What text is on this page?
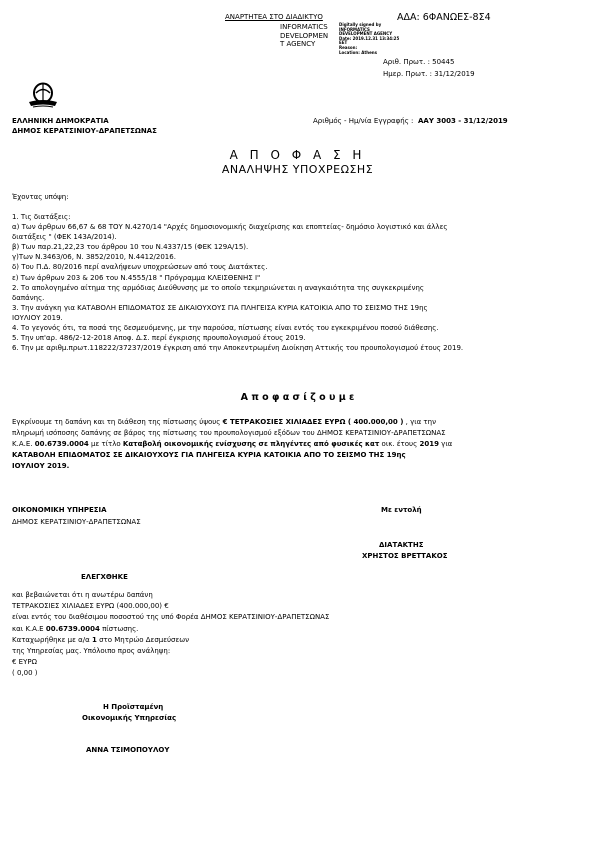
ΑΝΑΡΤΗΤΕΑ ΣΤΟ ΔΙΑΔΙΚΤΥΟ	ΑΔΑ: 6ΦΑΝΩΕΣ-8Σ4
INFORMATICS
DEVELOPMEN
T AGENCY
Digitally signed by
INFORMATICS
DEVELOPMENT AGENCY
Date: 2019.12.31 13:34:25
EET
Reason:
Location: Athens
Αριθ. Πρωτ. : 50445
Ημερ. Πρωτ. : 31/12/2019
ΕΛΛΗΝΙΚΗ ΔΗΜΟΚΡΑΤΙΑ
ΔΗΜΟΣ ΚΕΡΑΤΣΙΝΙΟΥ-ΔΡΑΠΕΤΣΩΝΑΣ
Αριθμός - Ημ/νία Εγγραφής : ΑΑΥ 3003 - 31/12/2019
Α Π Ο Φ Α Σ Η
ΑΝΑΛΗΨΗΣ ΥΠΟΧΡΕΩΣΗΣ
Έχοντας υπόψη:
1. Τις διατάξεις:
α) Των άρθρων 66,67 & 68 ΤΟΥ Ν.4270/14 "Αρχές δημοσιονομικής διαχείρισης και εποπτείας- δημόσιο λογιστικό και άλλες
διατάξεις " (ΦΕΚ 143Α/2014).
β) Των παρ.21,22,23 του άρθρου 10 του Ν.4337/15 (ΦΕΚ 129Α/15).
γ)Των Ν.3463/06, Ν. 3852/2010, Ν.4412/2016.
δ) Του Π.Δ. 80/2016 περί αναλήψεων υποχρεώσεων από τους Διατάκτες.
ε) Των άρθρων 203 & 206 του Ν.4555/18 " Πρόγραμμα ΚΛΕΙΣΘΕΝΗΣ Ι"
2. Το απολογημένο αίτημα της αρμόδιας Διεύθυνσης με το οποίο τεκμηριώνεται η αναγκαιότητα της συγκεκριμένης
δαπάνης.
3. Την ανάγκη για ΚΑΤΑΒΟΛΗ ΕΠΙΔΟΜΑΤΟΣ ΣΕ ΔΙΚΑΙΟΥΧΟΥΣ ΓΙΑ ΠΛΗΓΕΙΣΑ ΚΥΡΙΑ ΚΑΤΟΙΚΙΑ ΑΠΟ ΤΟ ΣΕΙΣΜΟ ΤΗΣ 19ης
ΙΟΥΛΙΟΥ 2019.
4. Το γεγονός ότι, τα ποσά της δεσμευόμενης, με την παρούσα, πίστωσης είναι εντός του εγκεκριμένου ποσού διάθεσης.
5. Την υπ'αρ. 486/2-12-2018 Αποφ. Δ.Σ. περί έγκρισης προυπολογισμού έτους 2019.
6. Την με αριθμ.πρωτ.118222/37237/2019 έγκριση από την Αποκεντρωμένη Διοίκηση Αττικής του προυπολογισμού έτους 2019.
Α π ο φ α σ ί ζ ο υ μ ε
Εγκρίνουμε τη δαπάνη και τη διάθεση της πίστωσης ύψους € ΤΕΤΡΑΚΟΣΙΕΣ ΧΙΛΙΑΔΕΣ ΕΥΡΩ ( 400.000,00 ) , για την
πληρωμή ισόποσης δαπάνης σε βάρος της πίστωσης του προυπολογισμού εξόδων του ΔΗΜΟΣ ΚΕΡΑΤΣΙΝΙΟΥ-ΔΡΑΠΕΤΣΩΝΑΣ
Κ.Α.Ε. 00.6739.0004 με τίτλο Καταβολή οικονομικής ενίσχυσης σε πληγέντες από φυσικές κατ οικ. έτους 2019 για
ΚΑΤΑΒΟΛΗ ΕΠΙΔΟΜΑΤΟΣ ΣΕ ΔΙΚΑΙΟΥΧΟΥΣ ΓΙΑ ΠΛΗΓΕΙΣΑ ΚΥΡΙΑ ΚΑΤΟΙΚΙΑ ΑΠΟ ΤΟ ΣΕΙΣΜΟ ΤΗΣ 19ης
ΙΟΥΛΙΟΥ 2019.
ΟΙΚΟΝΟΜΙΚΗ ΥΠΗΡΕΣΙΑ
ΔΗΜΟΣ ΚΕΡΑΤΣΙΝΙΟΥ-ΔΡΑΠΕΤΣΩΝΑΣ
Με εντολή
ΔΙΑΤΑΚΤΗΣ
ΧΡΗΣΤΟΣ ΒΡΕΤΤΑΚΟΣ
ΕΛΕΓΧΘΗΚΕ
και βεβαιώνεται ότι η ανωτέρω δαπάνη
ΤΕΤΡΑΚΟΣΙΕΣ ΧΙΛΙΑΔΕΣ ΕΥΡΩ (400.000,00) €
είναι εντός του διαθέσιμου ποσοστού της υπό Φορέα ΔΗΜΟΣ ΚΕΡΑΤΣΙΝΙΟΥ-ΔΡΑΠΕΤΣΩΝΑΣ
και Κ.Α.Ε 00.6739.0004 πίστωσης.
Καταχωρήθηκε με α/α 1 στο Μητρώο Δεσμεύσεων
της Υπηρεσίας μας. Υπόλοιπο προς ανάληψη:
€ ΕΥΡΩ
( 0,00 )
Η Προϊσταμένη
Οικονομικής Υπηρεσίας
ΑΝΝΑ ΤΣΙΜΟΠΟΥΛΟΥ
